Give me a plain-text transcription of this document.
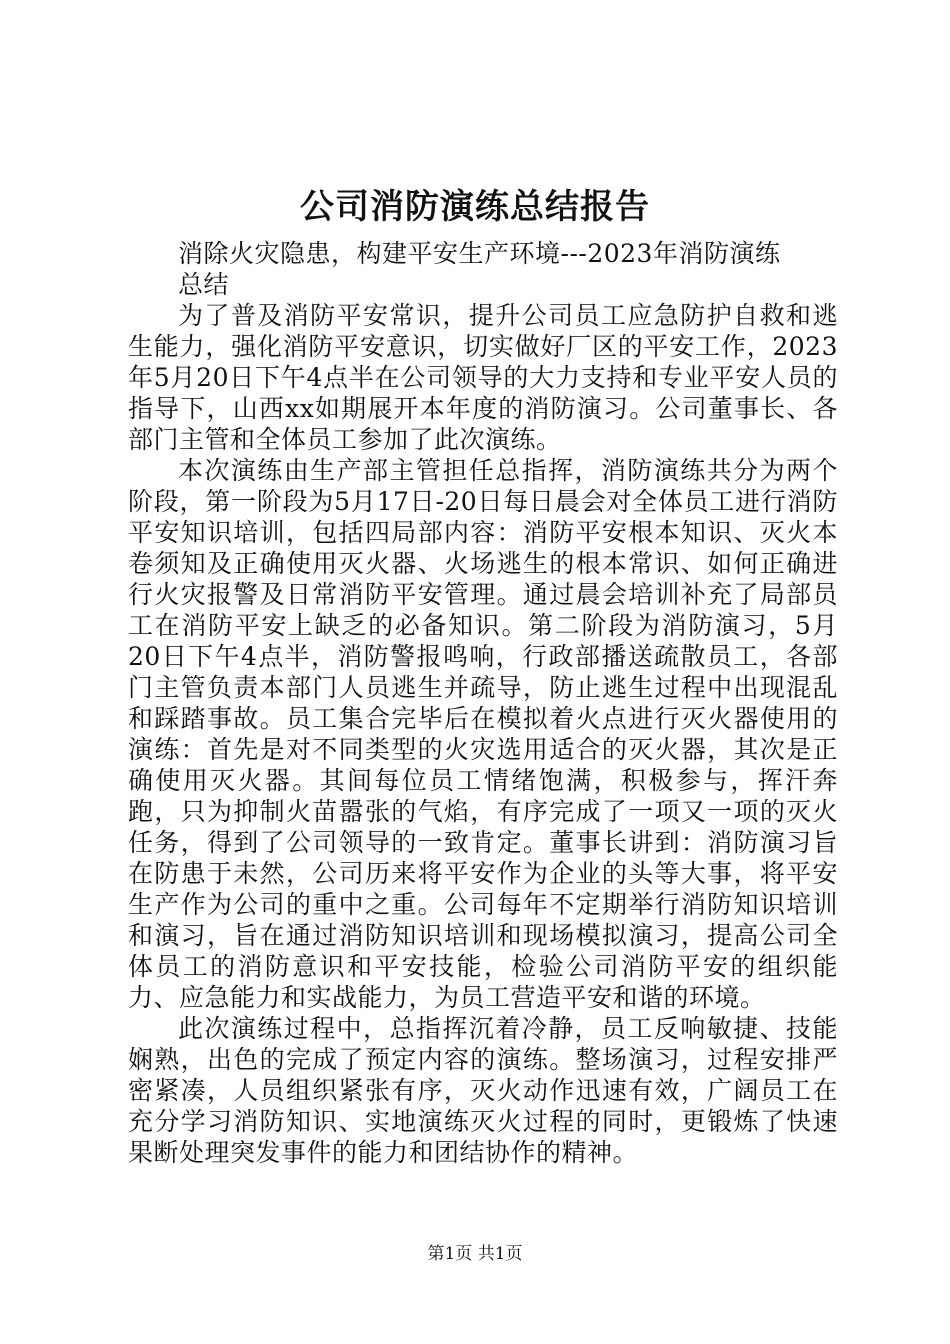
公司消防演练总结报告

消除火灾隐患，构建平安生产环境---2023年消防演练总结

为了普及消防平安常识，提升公司员工应急防护自救和逃生能力，强化消防平安意识，切实做好厂区的平安工作，2023年5月20日下午4点半在公司领导的大力支持和专业平安人员的指导下，山西xx如期展开本年度的消防演习。公司董事长、各部门主管和全体员工参加了此次演练。

本次演练由生产部主管担任总指挥，消防演练共分为两个阶段，第一阶段为5月17日-20日每日晨会对全体员工进行消防平安知识培训，包括四局部内容：消防平安根本知识、灭火本卷须知及正确使用灭火器、火场逃生的根本常识、如何正确进行火灾报警及日常消防平安管理。通过晨会培训补充了局部员工在消防平安上缺乏的必备知识。第二阶段为消防演习，5月20日下午4点半，消防警报鸣响，行政部播送疏散员工，各部门主管负责本部门人员逃生并疏导，防止逃生过程中出现混乱和踩踏事故。员工集合完毕后在模拟着火点进行灭火器使用的演练：首先是对不同类型的火灾选用适合的灭火器，其次是正确使用灭火器。其间每位员工情绪饱满，积极参与，挥汗奔跑，只为抑制火苗嚣张的气焰，有序完成了一项又一项的灭火任务，得到了公司领导的一致肯定。董事长讲到：消防演习旨在防患于未然，公司历来将平安作为企业的头等大事，将平安生产作为公司的重中之重。公司每年不定期举行消防知识培训和演习，旨在通过消防知识培训和现场模拟演习，提高公司全体员工的消防意识和平安技能，检验公司消防平安的组织能力、应急能力和实战能力，为员工营造平安和谐的环境。

此次演练过程中，总指挥沉着冷静，员工反响敏捷、技能娴熟，出色的完成了预定内容的演练。整场演习，过程安排严密紧凑，人员组织紧张有序，灭火动作迅速有效，广阔员工在充分学习消防知识、实地演练灭火过程的同时，更锻炼了快速果断处理突发事件的能力和团结协作的精神。

第1页 共1页
